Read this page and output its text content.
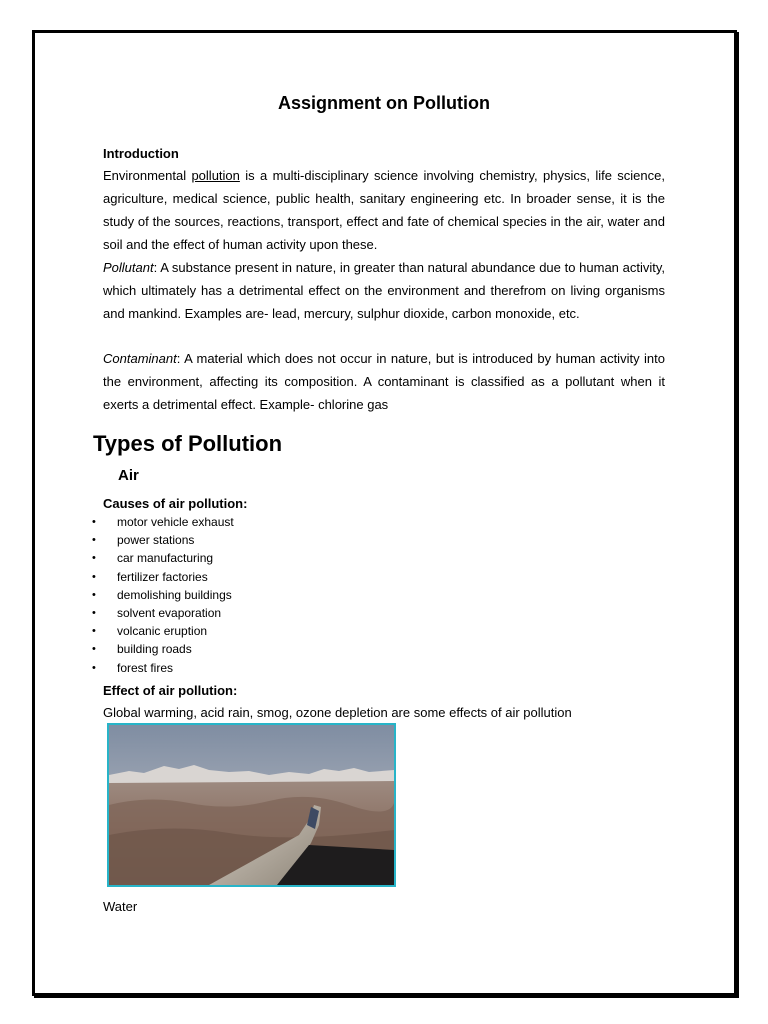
Assignment on Pollution

Introduction

Environmental pollution is a multi-disciplinary science involving chemistry, physics, life science, agriculture, medical science, public health, sanitary engineering etc. In broader sense, it is the study of the sources, reactions, transport, effect and fate of chemical species in the air, water and soil and the effect of human activity upon these.

Pollutant: A substance present in nature, in greater than natural abundance due to human activity, which ultimately has a detrimental effect on the environment and therefrom on living organisms and mankind. Examples are- lead, mercury, sulphur dioxide, carbon monoxide, etc.

Contaminant: A material which does not occur in nature, but is introduced by human activity into the environment, affecting its composition. A contaminant is classified as a pollutant when it exerts a detrimental effect. Example- chlorine gas

Types of Pollution
Air

Causes of air pollution:

• motor vehicle exhaust
• power stations
• car manufacturing
• fertilizer factories
• demolishing buildings
• solvent evaporation
• volcanic eruption
• building roads
• forest fires

Effect of air pollution:

Global warming, acid rain, smog, ozone depletion are some effects of air pollution

Water
